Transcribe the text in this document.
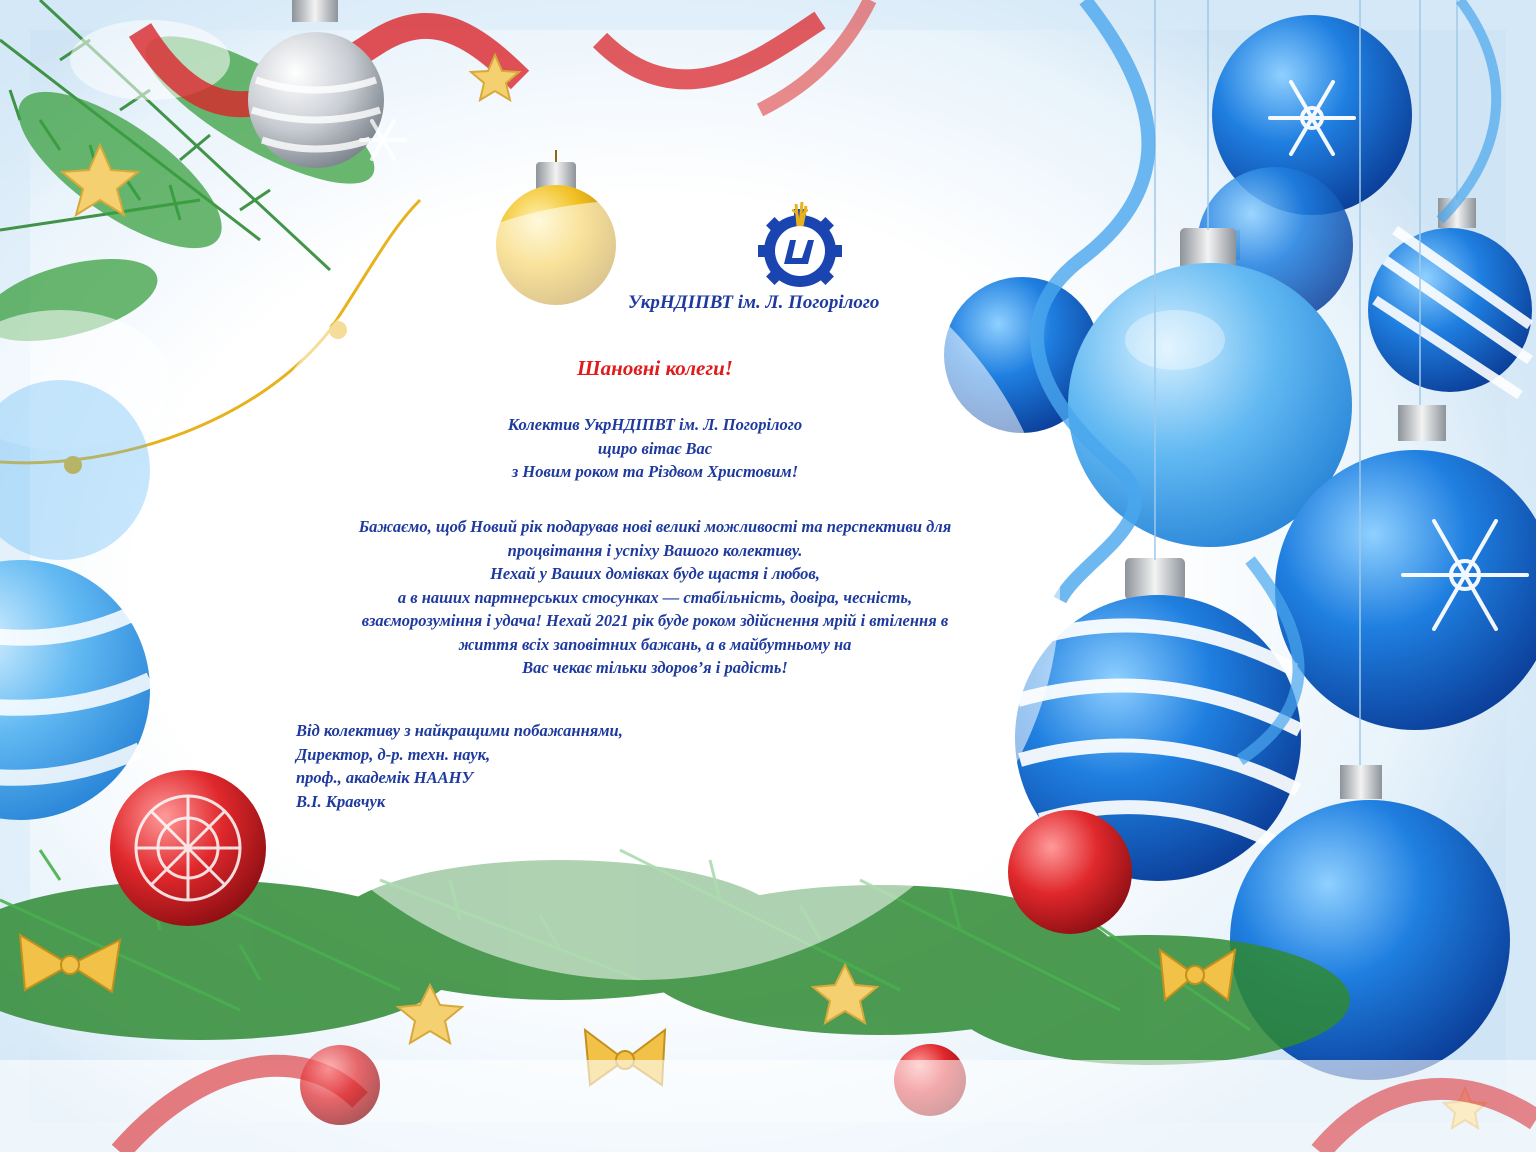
УкрНДІПВТ ім. Л. Погорілого
Шановні колеги!
Колектив УкрНДІПВТ ім. Л. Погорілого
щиро вітає Вас
з Новим роком та Різдвом Христовим!
Бажаємо, щоб Новий рік подарував нові великі можливості та перспективи для
процвітання і успіху Вашого колективу.
Нехай у Ваших домівках буде щастя і любов,
а в наших партнерських стосунках — стабільність, довіра, чесність,
взаєморозуміння і удача! Нехай 2021 рік буде роком здійснення мрій і втілення в
життя всіх заповітних бажань, а в майбутньому на
Вас чекає тільки здоров’я і радість!
Від колективу з найкращими побажаннями,
Директор, д-р. техн. наук,
проф., академік НААНУ
В.І. Кравчук
